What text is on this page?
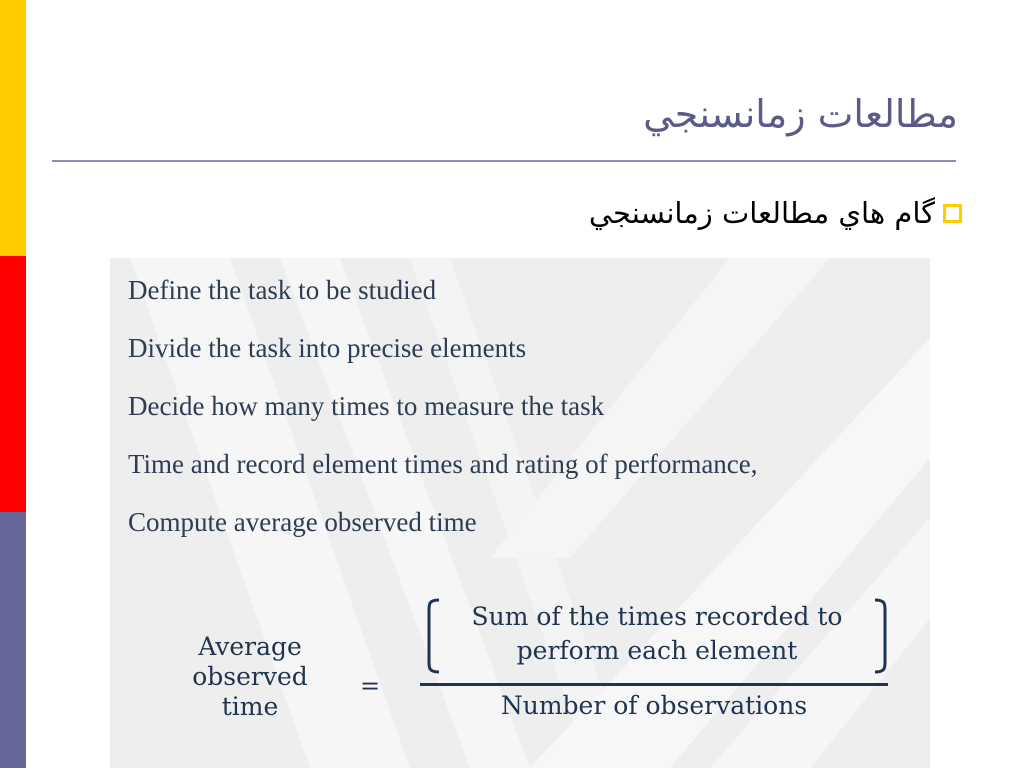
مطالعات زمانسنجي
گام هاي مطالعات زمانسنجي
Define the task to be studied
Divide the task into precise elements
Decide how many times to measure the task
Time and record element times and rating of performance,
Compute average observed time
Average
observed
time
=
Sum of the times recorded to
perform each element
Number of observations
